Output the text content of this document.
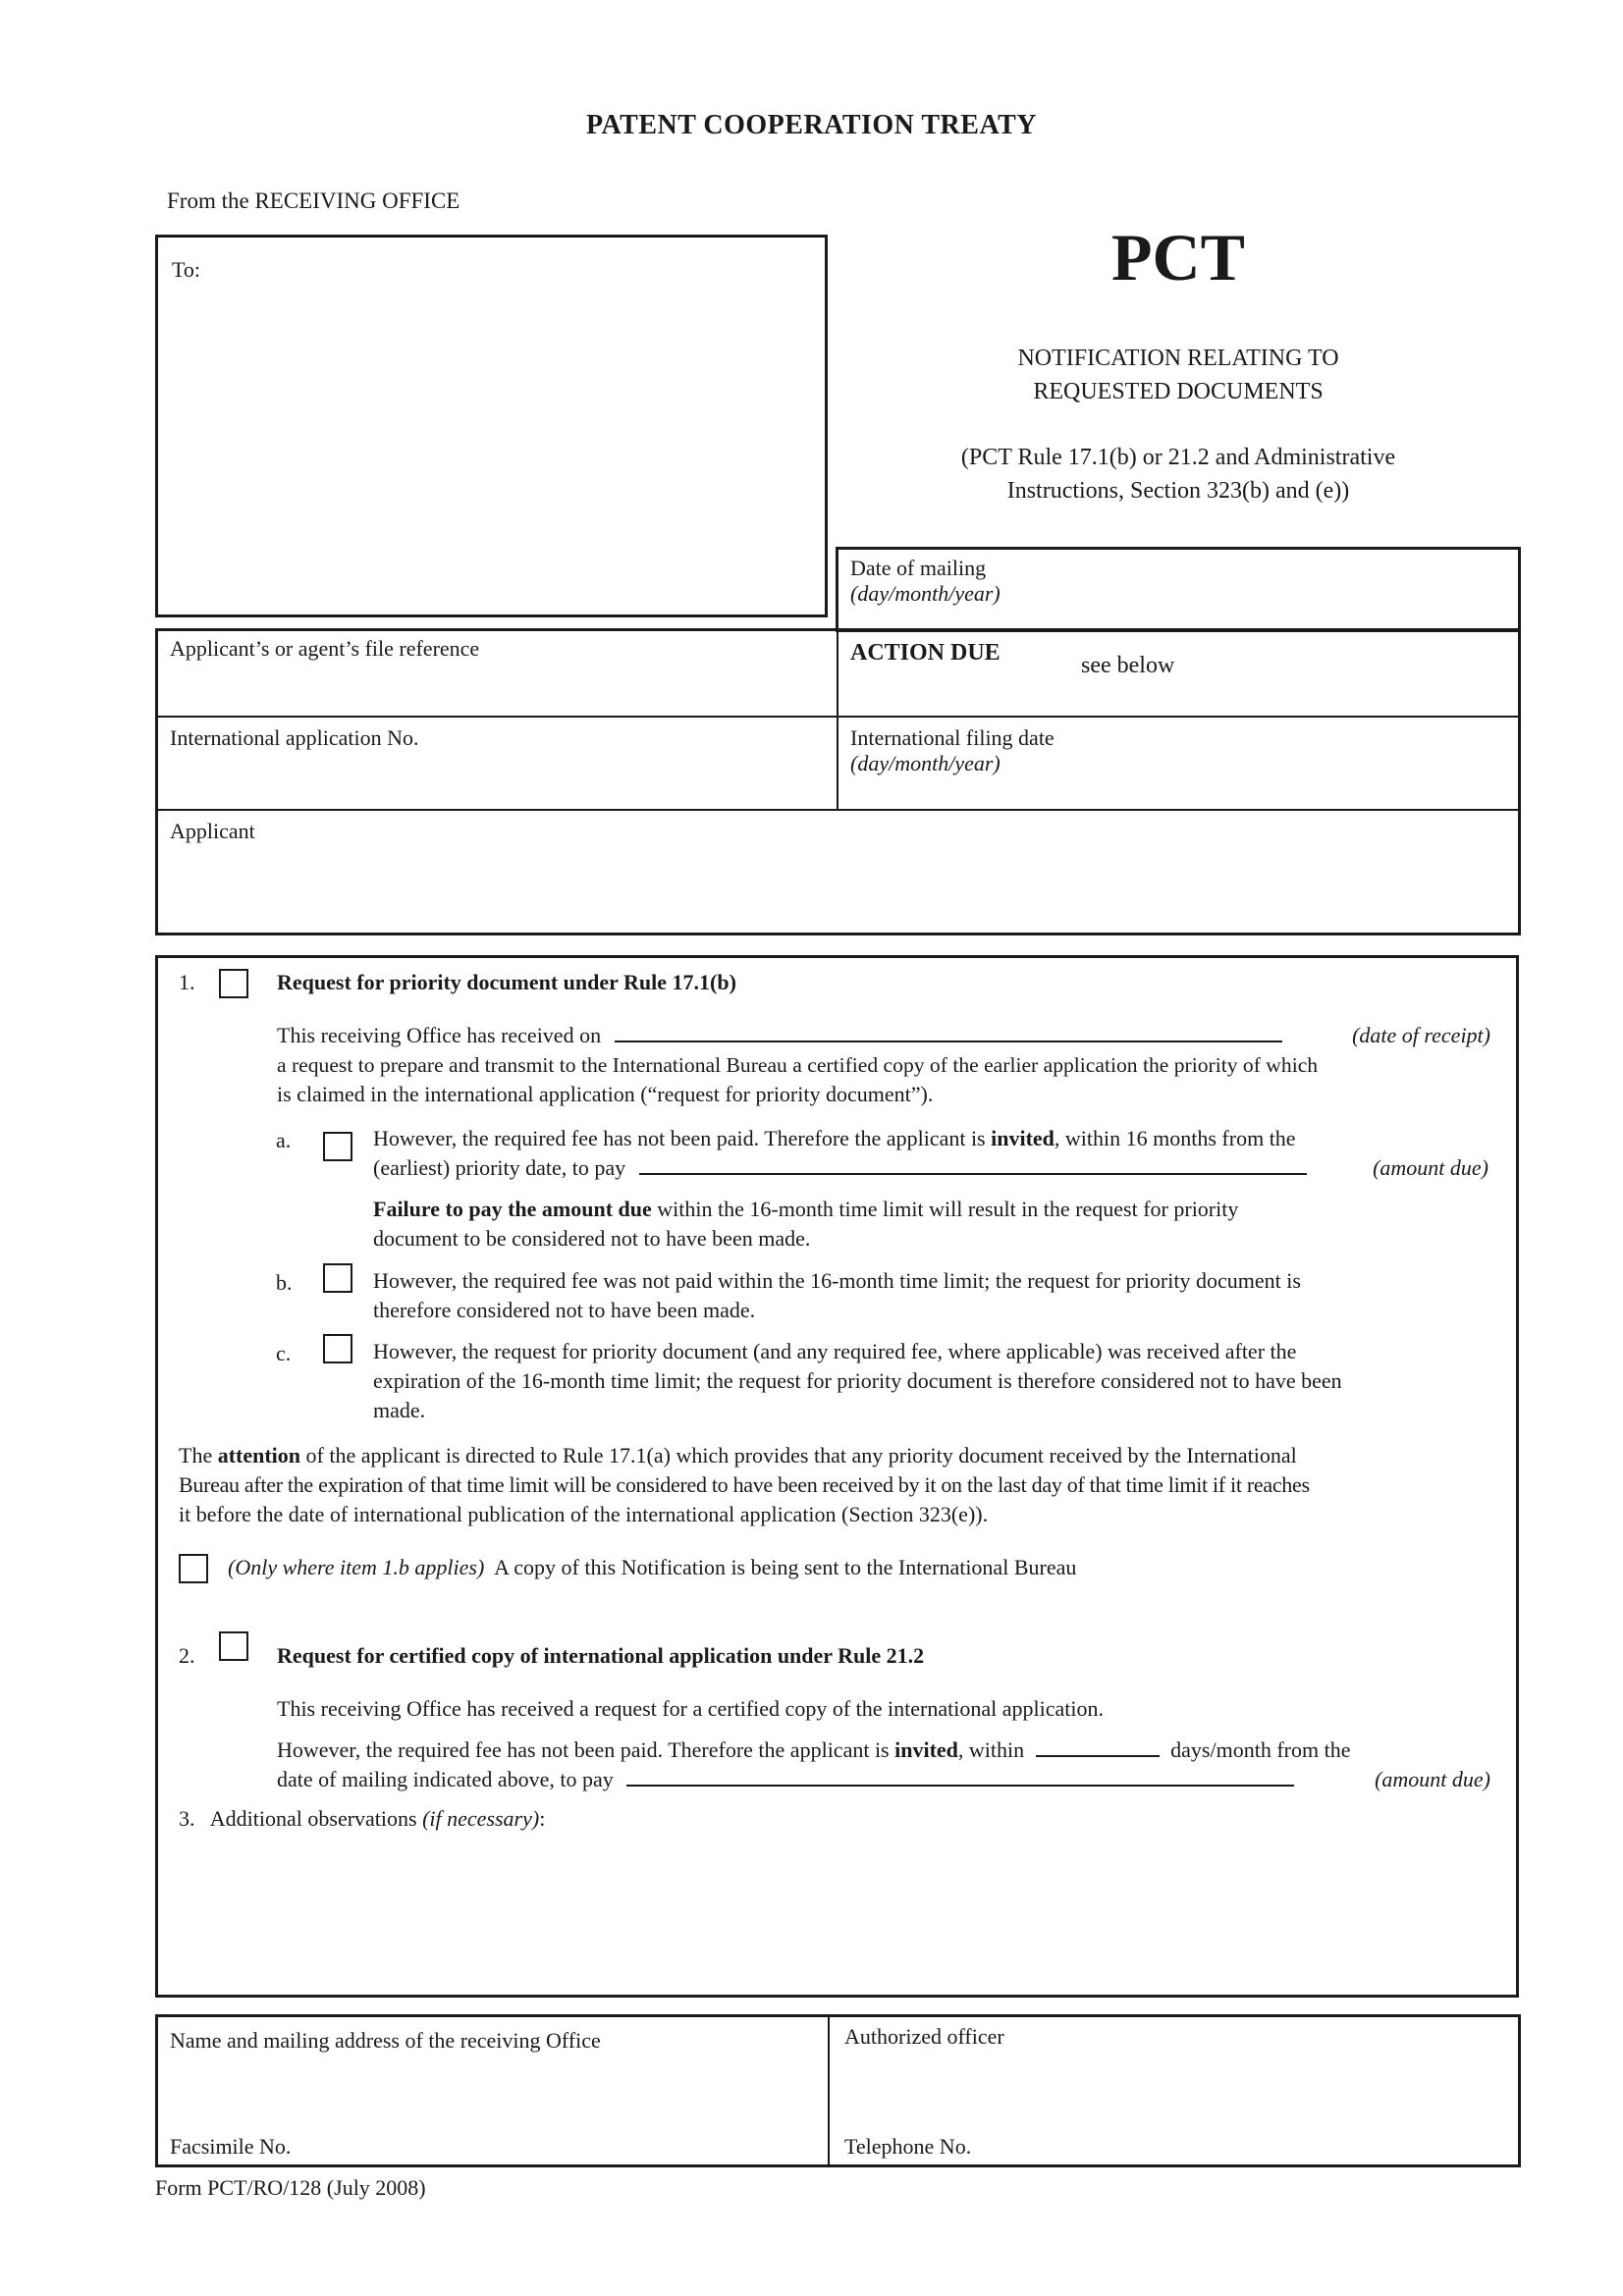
PATENT COOPERATION TREATY
From the RECEIVING OFFICE
To:	PCT
NOTIFICATION RELATING TO
REQUESTED DOCUMENTS
(PCT Rule 17.1(b) or 21.2 and Administrative
Instructions, Section 323(b) and (e))
Date of mailing
(day/month/year)
Applicant’s or agent’s file reference	ACTION DUE	see below
International application No.	International filing date
(day/month/year)
Applicant
1.	Request for priority document under Rule 17.1(b)
This receiving Office has received on	(date of receipt)
a request to prepare and transmit to the International Bureau a certified copy of the earlier application the priority of which
is claimed in the international application (“request for priority document”).
a.	However, the required fee has not been paid. Therefore the applicant is invited, within 16 months from the
(earliest) priority date, to pay	(amount due)
Failure to pay the amount due within the 16-month time limit will result in the request for priority
document to be considered not to have been made.
b.	However, the required fee was not paid within the 16-month time limit; the request for priority document is
therefore considered not to have been made.
c.	However, the request for priority document (and any required fee, where applicable) was received after the
expiration of the 16-month time limit; the request for priority document is therefore considered not to have been
made.
The attention of the applicant is directed to Rule 17.1(a) which provides that any priority document received by the International
Bureau after the expiration of that time limit will be considered to have been received by it on the last day of that time limit if it reaches
it before the date of international publication of the international application (Section 323(e)).
(Only where item 1.b applies)  A copy of this Notification is being sent to the International Bureau
2.	Request for certified copy of international application under Rule 21.2
This receiving Office has received a request for a certified copy of the international application.
However, the required fee has not been paid. Therefore the applicant is invited, within	days/month from the
date of mailing indicated above, to pay	(amount due)
3.   Additional observations (if necessary):
Name and mailing address of the receiving Office
Facsimile No.
Authorized officer
Telephone No.
Form PCT/RO/128 (July 2008)
